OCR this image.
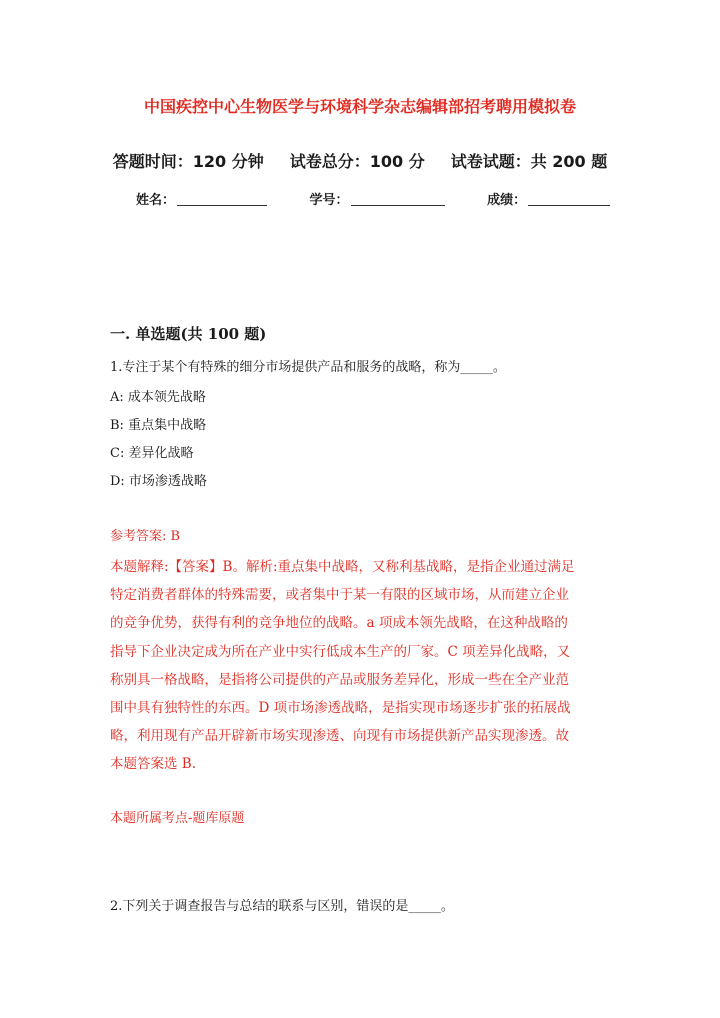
中国疾控中心生物医学与环境科学杂志编辑部招考聘用模拟卷
答题时间：120 分钟 试卷总分：100 分 试卷试题：共 200 题
姓名：	学号：	成绩：
一. 单选题(共 100 题)
1.专注于某个有特殊的细分市场提供产品和服务的战略，称为_____。
A: 成本领先战略
B: 重点集中战略
C: 差异化战略
D: 市场渗透战略
参考答案: B
本题解释:【答案】B。解析:重点集中战略，又称利基战略，是指企业通过满足
特定消费者群体的特殊需要，或者集中于某一有限的区域市场，从而建立企业
的竞争优势，获得有利的竞争地位的战略。a 项成本领先战略，在这种战略的
指导下企业决定成为所在产业中实行低成本生产的厂家。C 项差异化战略，又
称别具一格战略，是指将公司提供的产品或服务差异化，形成一些在全产业范
围中具有独特性的东西。D 项市场渗透战略，是指实现市场逐步扩张的拓展战
略，利用现有产品开辟新市场实现渗透、向现有市场提供新产品实现渗透。故
本题答案选 B.
本题所属考点-题库原题
2.下列关于调查报告与总结的联系与区别，错误的是_____。
